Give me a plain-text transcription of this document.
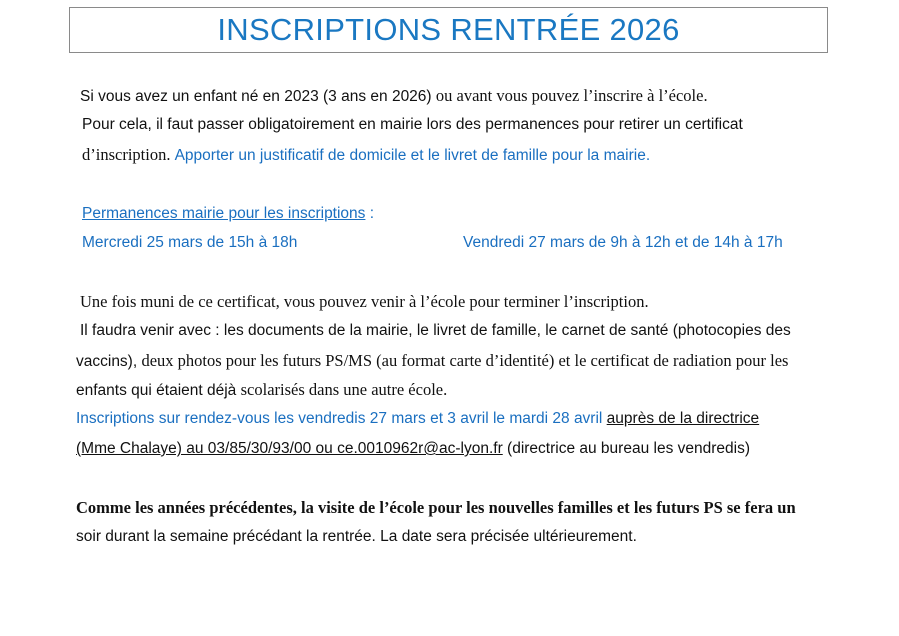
INSCRIPTIONS RENTRÉE 2026
Si vous avez un enfant né en 2023 (3 ans en 2026) ou avant vous pouvez l’inscrire à l’école.
Pour cela, il faut passer obligatoirement en mairie lors des permanences pour retirer un certificat
d’inscription. Apporter un justificatif de domicile et le livret de famille pour la mairie.
Permanences mairie pour les inscriptions :
Mercredi 25 mars de 15h à 18h	Vendredi 27 mars de 9h à 12h et de 14h à 17h
Une fois muni de ce certificat, vous pouvez venir à l’école pour terminer l’inscription.
Il faudra venir avec : les documents de la mairie, le livret de famille, le carnet de santé (photocopies des
vaccins), deux photos pour les futurs PS/MS (au format carte d’identité) et le certificat de radiation pour les
enfants qui étaient déjà scolarisés dans une autre école.
Inscriptions sur rendez-vous les vendredis 27 mars et 3 avril le mardi 28 avril auprès de la directrice
(Mme Chalaye) au 03/85/30/93/00 ou ce.0010962r@ac-lyon.fr (directrice au bureau les vendredis)
Comme les années précédentes, la visite de l’école pour les nouvelles familles et les futurs PS se fera un
soir durant la semaine précédant la rentrée. La date sera précisée ultérieurement.
